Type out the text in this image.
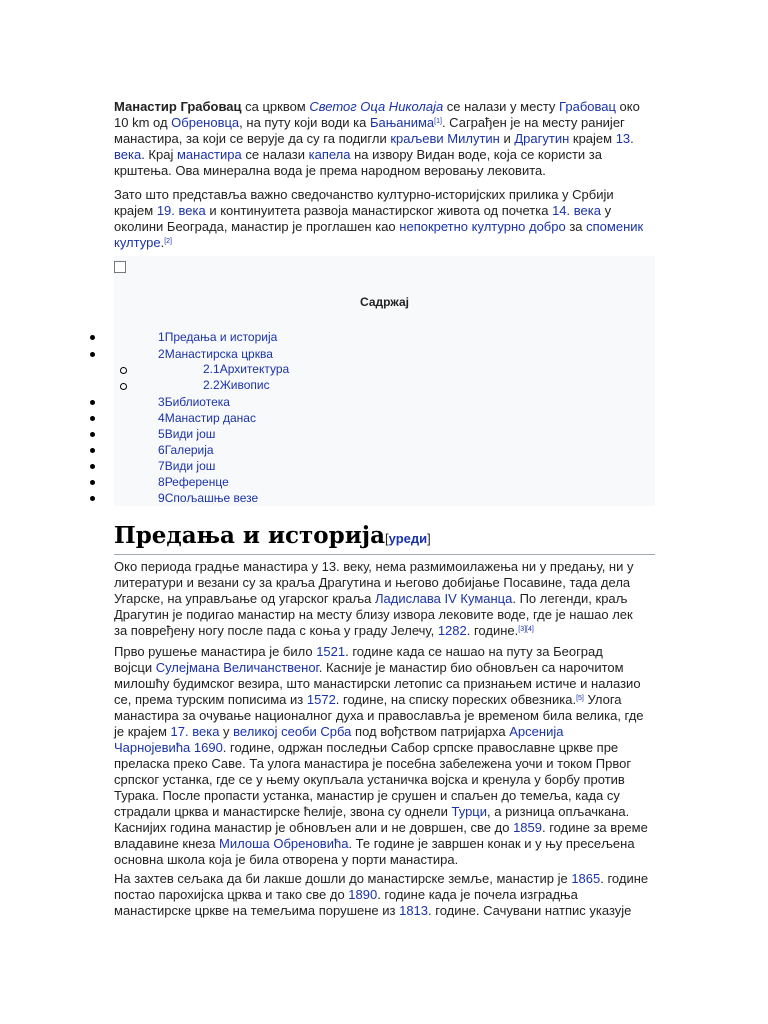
Манастир Грабовац са црквом Светог Оца Николаја се налази у месту Грабовац око
10 km од Обреновца, на путу који води ка Бањанима[1]. Саграђен је на месту ранијег
манастира, за који се верује да су га подигли краљеви Милутин и Драгутин крајем 13.
века. Крај манастира се налази капела на извору Видан воде, која се користи за
крштења. Ова минерална вода је према народном веровању лековита.

Зато што представља важно сведочанство културно-историјских прилика у Србији
крајем 19. века и континуитета развоја манастирског живота од почетка 14. века у
околини Београда, манастир је проглашен као непокретно културно добро за споменик
културе.[2]

Садржај
1Предања и историја
2Манастирска црква
2.1Архитектура
2.2Живопис
3Библиотека
4Манастир данас
5Види још
6Галерија
7Види још
8Референце
9Спољашње везе
Предања и историја[уреди]

Око периода градње манастира у 13. веку, нема размимоилажења ни у предању, ни у
литератури и везани су за краља Драгутина и његово добијање Посавине, тада дела
Угарске, на управљање од угарског краља Ладислава IV Куманца. По легенди, краљ
Драгутин је подигао манастир на месту близу извора лековите воде, где је нашао лек
за повређену ногу после пада с коња у граду Јелечу, 1282. године.[3][4]

Прво рушење манастира је било 1521. године када се нашао на путу за Београд
војсци Сулејмана Величанственог. Касније је манастир био обновљен са нарочитом
милошћу будимског везира, што манастирски летопис са признањем истиче и налазио
се, према турским пописима из 1572. године, на списку пореских обвезника.[5] Улога
манастира за очување националног духа и православља је временом била велика, где
је крајем 17. века у великој сеоби Срба под вођством патријарха Арсенија
Чарнојевића 1690. године, одржан последњи Сабор српске православне цркве пре
преласка преко Саве. Та улога манастира је посебна забележена уочи и током Првог
српског устанка, где се у њему окупљала устаничка војска и кренула у борбу против
Турака. После пропасти устанка, манастир је срушен и спаљен до темеља, када су
страдали црква и манастирске ћелије, звона су однели Турци, а ризница опљачкана.
Каснијих година манастир је обновљен али и не довршен, све до 1859. године за време
владавине кнеза Милоша Обреновића. Те године је завршен конак и у њу пресељена
основна школа која је била отворена у порти манастира.

На захтев сељака да би лакше дошли до манастирске земље, манастир је 1865. године
постао парохијска црква и тако све до 1890. године када је почела изградња
манастирске цркве на темељима порушене из 1813. године. Сачувани натпис указује
